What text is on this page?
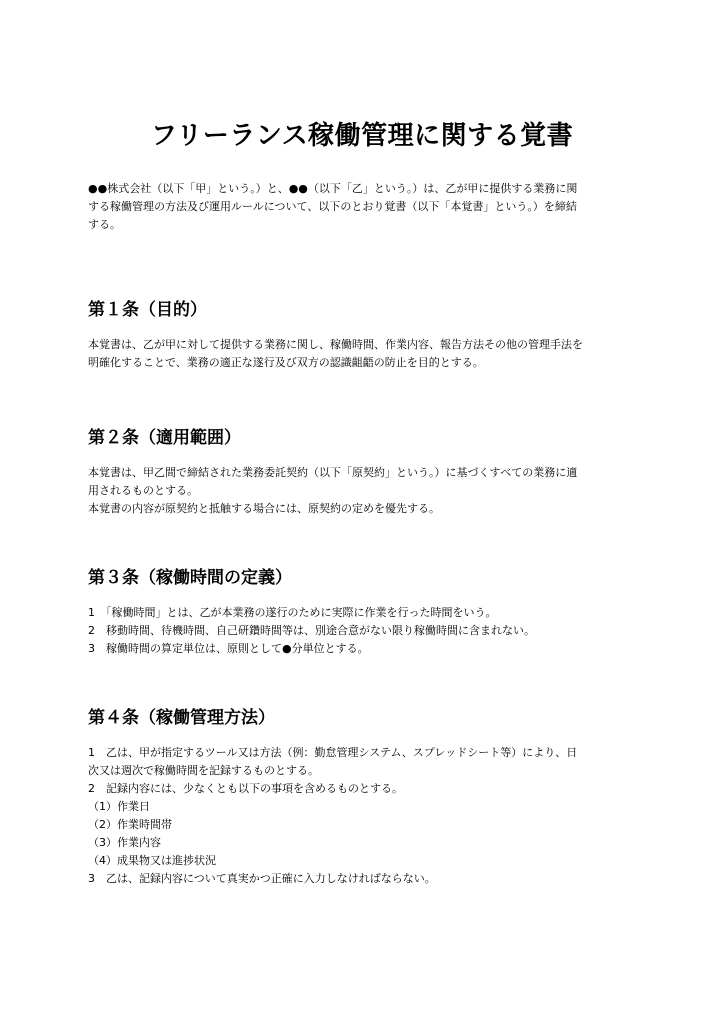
フリーランス稼働管理に関する覚書
●●株式会社（以下「甲」という。）と、●●（以下「乙」という。）は、乙が甲に提供する業務に関
する稼働管理の方法及び運用ルールについて、以下のとおり覚書（以下「本覚書」という。）を締結
する。
第１条（目的）
本覚書は、乙が甲に対して提供する業務に関し、稼働時間、作業内容、報告方法その他の管理手法を
明確化することで、業務の適正な遂行及び双方の認識齟齬の防止を目的とする。
第２条（適用範囲）
本覚書は、甲乙間で締結された業務委託契約（以下「原契約」という。）に基づくすべての業務に適
用されるものとする。
本覚書の内容が原契約と抵触する場合には、原契約の定めを優先する。
第３条（稼働時間の定義）
1　「稼働時間」とは、乙が本業務の遂行のために実際に作業を行った時間をいう。
2　移動時間、待機時間、自己研鑽時間等は、別途合意がない限り稼働時間に含まれない。
3　稼働時間の算定単位は、原則として●分単位とする。
第４条（稼働管理方法）
1　乙は、甲が指定するツール又は方法（例：勤怠管理システム、スプレッドシート等）により、日
次又は週次で稼働時間を記録するものとする。
2　記録内容には、少なくとも以下の事項を含めるものとする。
（1）作業日
（2）作業時間帯
（3）作業内容
（4）成果物又は進捗状況
3　乙は、記録内容について真実かつ正確に入力しなければならない。
